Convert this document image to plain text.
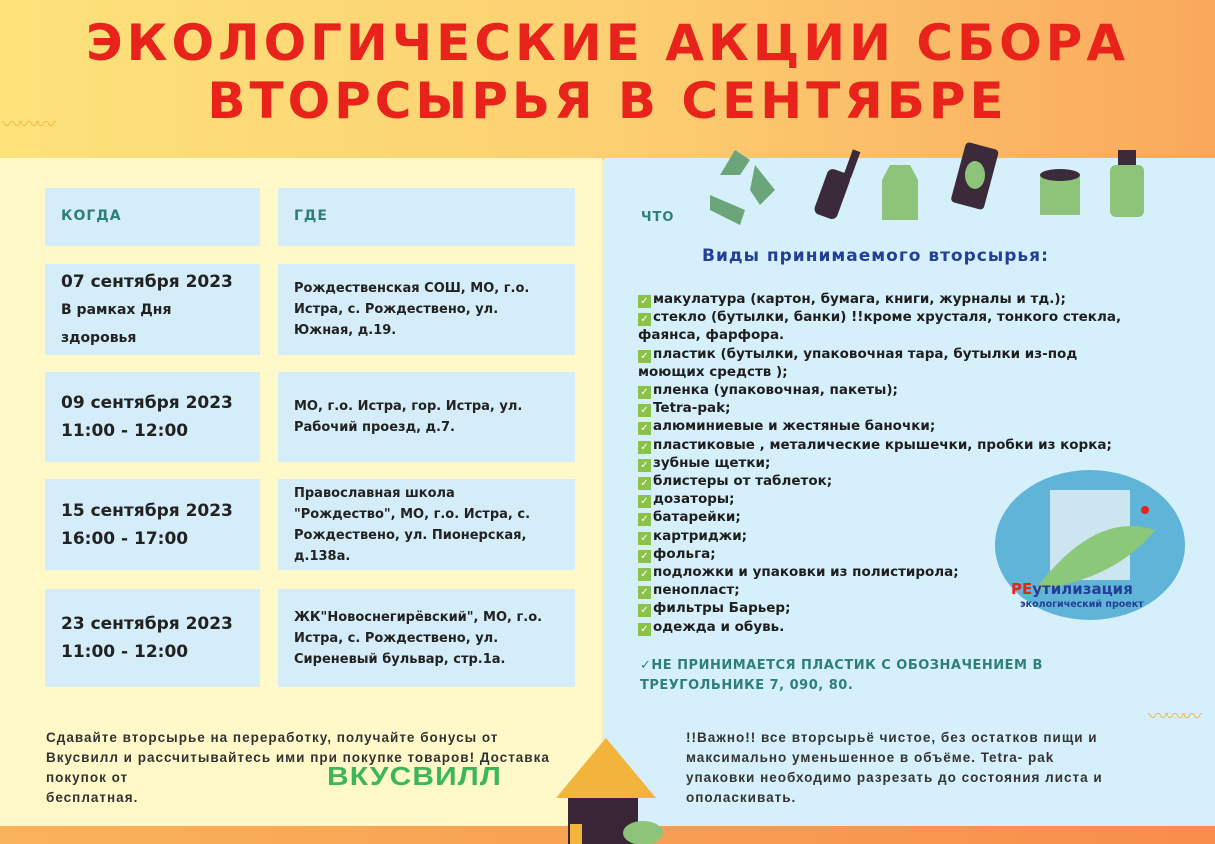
ЭКОЛОГИЧЕСКИЕ АКЦИИ СБОРА
ВТОРСЫРЬЯ В СЕНТЯБРЕ
〰〰〰
〰〰〰
КОГДА	ГДЕ
07 сентября 2023
В рамках Дня здоровья
Рождественская СОШ, МО, г.о. Истра, с. Рождествено, ул. Южная, д.19.
09 сентября 2023
11:00 - 12:00
МО, г.о. Истра, гор. Истра, ул. Рабочий проезд, д.7.
15 сентября 2023
16:00 - 17:00
Православная школа "Рождество", МО, г.о. Истра, с. Рождествено, ул. Пионерская, д.138а.
23 сентября 2023
11:00 - 12:00
ЖК"Новоснегирёвский", МО, г.о. Истра, с. Рождествено, ул. Сиреневый бульвар, стр.1а.
ЧТО
Виды принимаемого вторсырья:
✓ макулатура (картон, бумага, книги, журналы и тд.);
✓ стекло (бутылки, банки) !!кроме хрусталя, тонкого стекла, фаянса, фарфора.
✓ пластик (бутылки, упаковочная тара, бутылки из-под моющих средств );
✓ пленка (упаковочная, пакеты);
✓ Tetra-pak;
✓ алюминиевые и жестяные баночки;
✓ пластиковые , металические крышечки, пробки из корка;
✓ зубные щетки;
✓ блистеры от таблеток;
✓ дозаторы;
✓ батарейки;
✓ картриджи;
✓ фольга;
✓ подложки и упаковки из полистирола;
✓ пенопласт;
✓ фильтры Барьер;
✓ одежда и обувь.
✓НЕ ПРИНИМАЕТСЯ ПЛАСТИК С ОБОЗНАЧЕНИЕМ В ТРЕУГОЛЬНИКЕ 7, 090, 80.
РЕутилизация
экологический проект
Сдавайте вторсырье на переработку, получайте бонусы от Вкусвилл и рассчитывайтесь ими при покупке товаров! Доставка покупок от
бесплатная.
ВКУСВИЛЛ
!!Важно!! все вторсырьё чистое, без остатков пищи и максимально уменьшенное в объёме. Tetra- pak упаковки необходимо разрезать до состояния листа и ополаскивать.
